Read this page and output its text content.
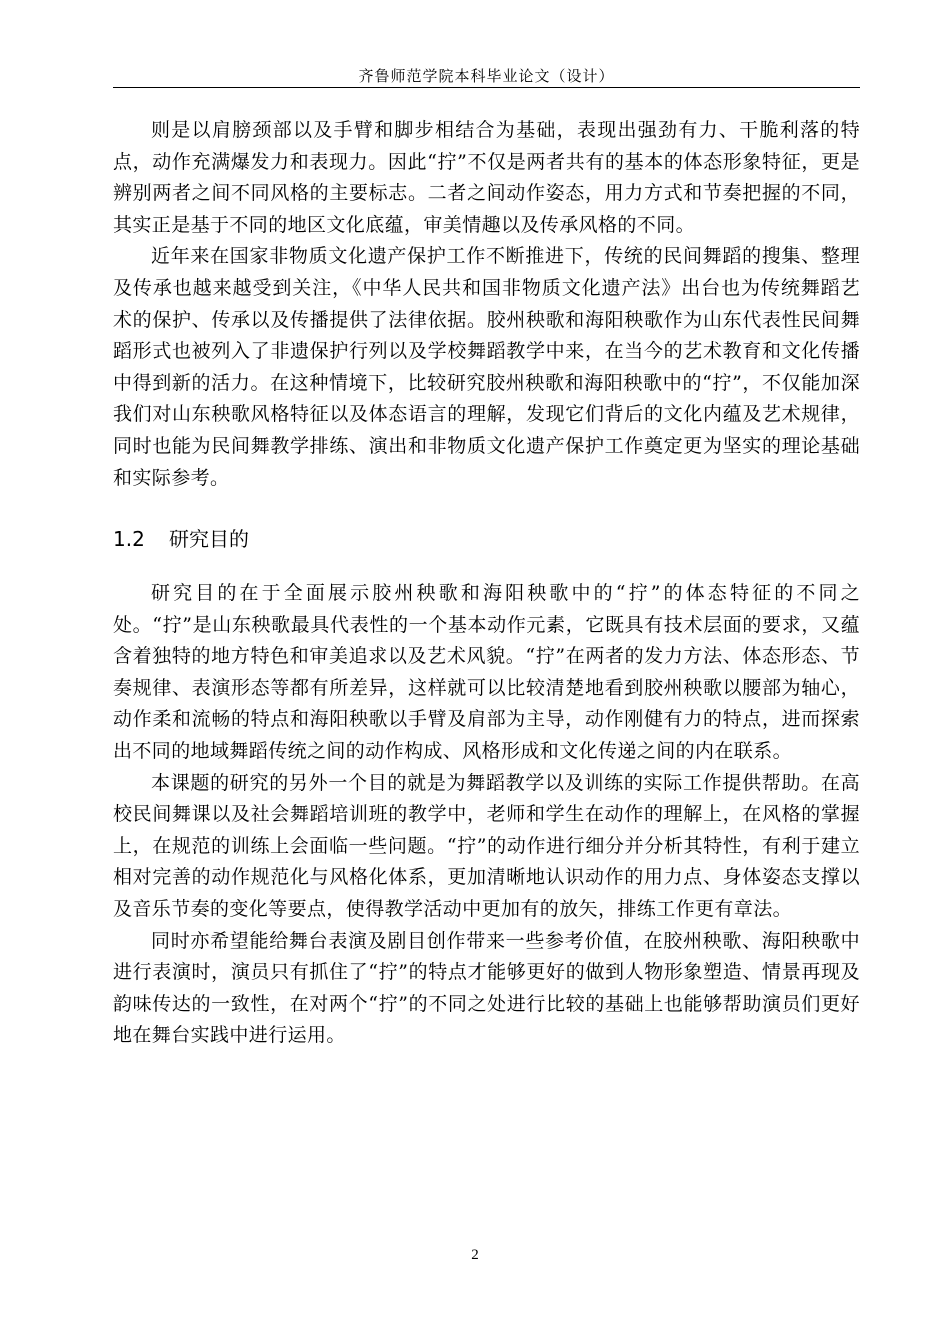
齐鲁师范学院本科毕业论文（设计）

则是以肩膀颈部以及手臂和脚步相结合为基础，表现出强劲有力、干脆利落的特点，动作充满爆发力和表现力。因此“拧”不仅是两者共有的基本的体态形象特征，更是辨别两者之间不同风格的主要标志。二者之间动作姿态，用力方式和节奏把握的不同，其实正是基于不同的地区文化底蕴，审美情趣以及传承风格的不同。

近年来在国家非物质文化遗产保护工作不断推进下，传统的民间舞蹈的搜集、整理及传承也越来越受到关注，《中华人民共和国非物质文化遗产法》出台也为传统舞蹈艺术的保护、传承以及传播提供了法律依据。胶州秧歌和海阳秧歌作为山东代表性民间舞蹈形式也被列入了非遗保护行列以及学校舞蹈教学中来，在当今的艺术教育和文化传播中得到新的活力。在这种情境下，比较研究胶州秧歌和海阳秧歌中的“拧”，不仅能加深我们对山东秧歌风格特征以及体态语言的理解，发现它们背后的文化内蕴及艺术规律，同时也能为民间舞教学排练、演出和非物质文化遗产保护工作奠定更为坚实的理论基础和实际参考。

1.2 研究目的

研究目的在于全面展示胶州秧歌和海阳秧歌中的“拧”的体态特征的不同之处。“拧”是山东秧歌最具代表性的一个基本动作元素，它既具有技术层面的要求，又蕴含着独特的地方特色和审美追求以及艺术风貌。“拧”在两者的发力方法、体态形态、节奏规律、表演形态等都有所差异，这样就可以比较清楚地看到胶州秧歌以腰部为轴心，动作柔和流畅的特点和海阳秧歌以手臂及肩部为主导，动作刚健有力的特点，进而探索出不同的地域舞蹈传统之间的动作构成、风格形成和文化传递之间的内在联系。

本课题的研究的另外一个目的就是为舞蹈教学以及训练的实际工作提供帮助。在高校民间舞课以及社会舞蹈培训班的教学中，老师和学生在动作的理解上，在风格的掌握上，在规范的训练上会面临一些问题。“拧”的动作进行细分并分析其特性，有利于建立相对完善的动作规范化与风格化体系，更加清晰地认识动作的用力点、身体姿态支撑以及音乐节奏的变化等要点，使得教学活动中更加有的放矢，排练工作更有章法。

同时亦希望能给舞台表演及剧目创作带来一些参考价值，在胶州秧歌、海阳秧歌中进行表演时，演员只有抓住了“拧”的特点才能够更好的做到人物形象塑造、情景再现及韵味传达的一致性，在对两个“拧”的不同之处进行比较的基础上也能够帮助演员们更好地在舞台实践中进行运用。

2
